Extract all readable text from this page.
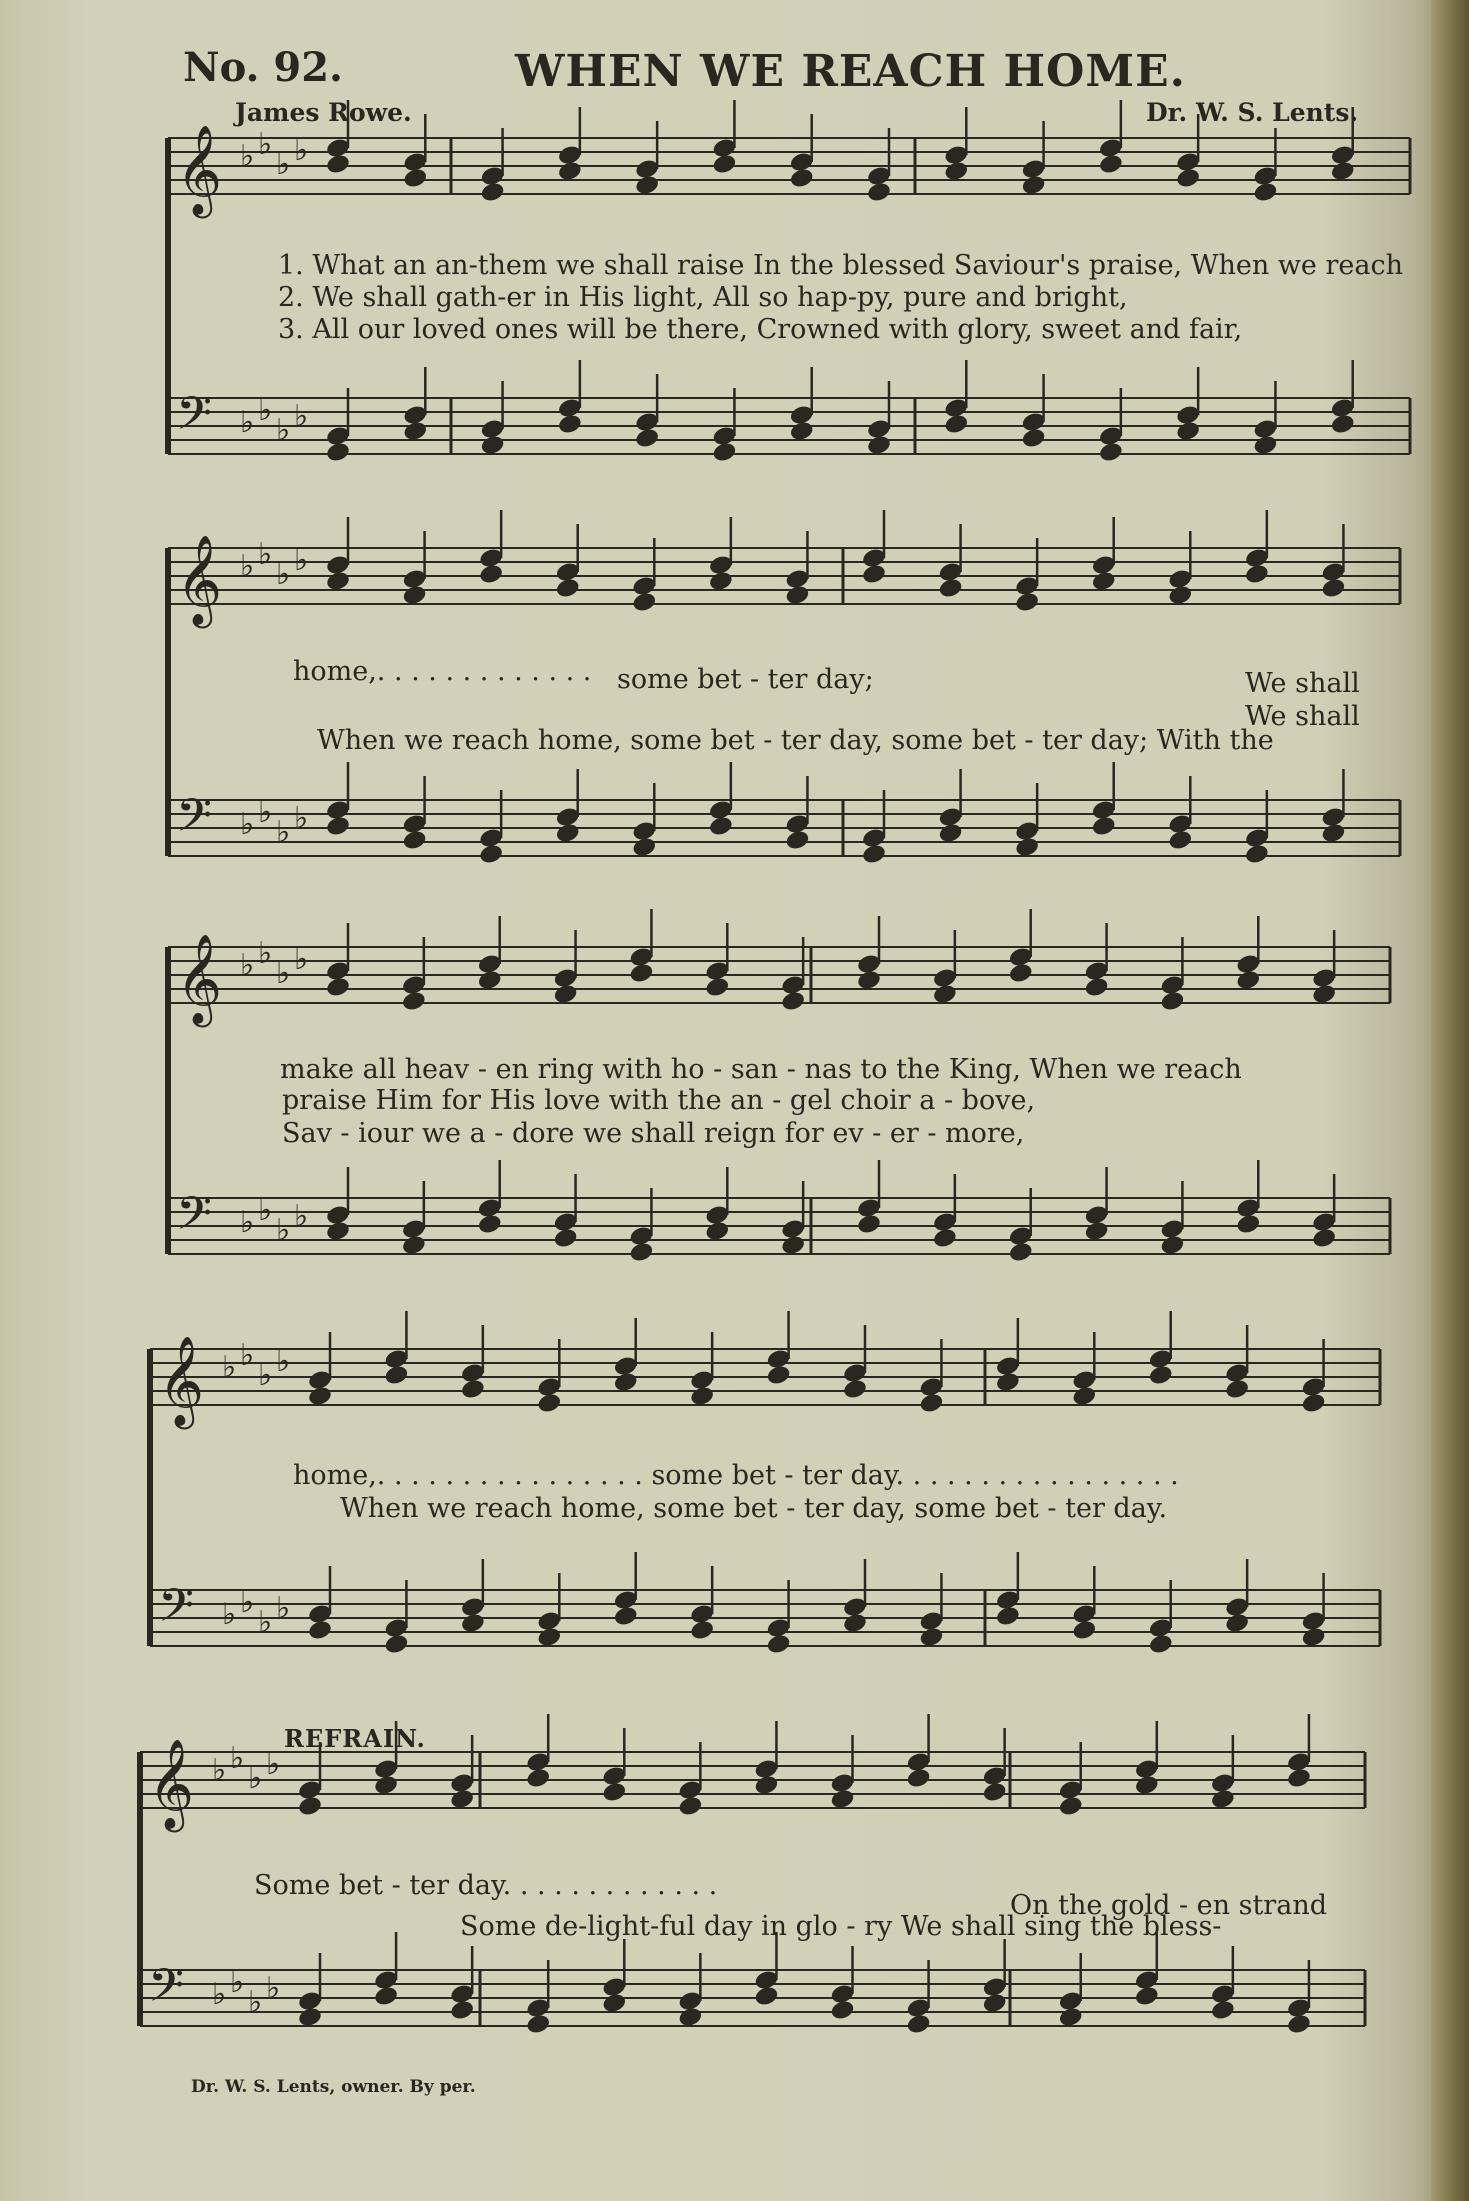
No. 92.	WHEN WE REACH HOME.
James Rowe.	Dr. W. S. Lents.
𝄞 ♭ ♭
♭ ♭
𝄢 ♭ ♭
♭ ♭
𝄞 ♭ ♭
♭ ♭
𝄢 ♭ ♭
♭ ♭
𝄞 ♭ ♭
♭ ♭
𝄢 ♭ ♭
♭ ♭
𝄞 ♭ ♭
♭ ♭
𝄢 ♭ ♭
♭ ♭
𝄞 ♭ ♭
♭ ♭
𝄢 ♭ ♭
♭ ♭
1. What an an-them we shall raise In the blessed Saviour's praise, When we reach
2. We shall gath-er in His light, All so hap-py, pure and bright,
3. All our loved ones will be there, Crowned with glory, sweet and fair,
home,. . . . . . . . . . . . . some bet - ter day;	We shall
We shall
When we reach home, some bet - ter day, some bet - ter day; With the
make all heav - en ring with ho - san - nas to the King, When we reach
praise Him for His love with the an - gel choir a - bove,
Sav - iour we a - dore we shall reign for ev - er - more,
home,. . . . . . . . . . . . . . . . some bet - ter day. . . . . . . . . . . . . . . . .
When we reach home, some bet - ter day, some bet - ter day.
REFRAIN.
Some bet - ter day. . . . . . . . . . . . .
On the gold - en strand
Some de-light-ful day in glo - ry We shall sing the bless-
Dr. W. S. Lents, owner. By per.
